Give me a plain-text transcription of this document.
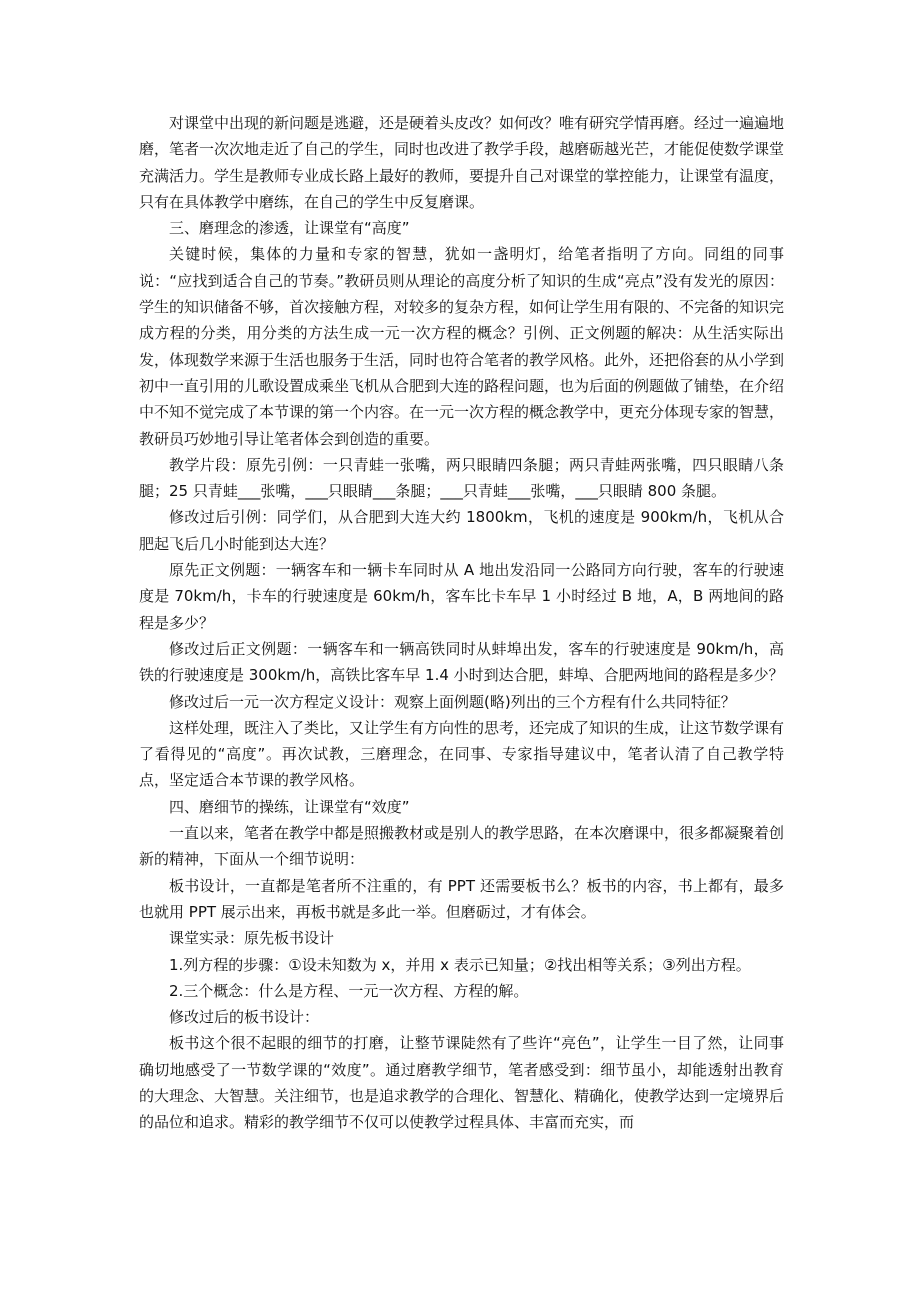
对课堂中出现的新问题是逃避，还是硬着头皮改？如何改？唯有研究学情再磨。经过一遍遍地磨，笔者一次次地走近了自己的学生，同时也改进了教学手段，越磨砺越光芒，才能促使数学课堂充满活力。学生是教师专业成长路上最好的教师，要提升自己对课堂的掌控能力，让课堂有温度，只有在具体教学中磨练，在自己的学生中反复磨课。

三、磨理念的渗透，让课堂有“高度”

关键时候，集体的力量和专家的智慧，犹如一盏明灯，给笔者指明了方向。同组的同事说：“应找到适合自己的节奏。”教研员则从理论的高度分析了知识的生成“亮点”没有发光的原因：学生的知识储备不够，首次接触方程，对较多的复杂方程，如何让学生用有限的、不完备的知识完成方程的分类，用分类的方法生成一元一次方程的概念？引例、正文例题的解决：从生活实际出发，体现数学来源于生活也服务于生活，同时也符合笔者的教学风格。此外，还把俗套的从小学到初中一直引用的儿歌设置成乘坐飞机从合肥到大连的路程问题，也为后面的例题做了铺垫，在介绍中不知不觉完成了本节课的第一个内容。在一元一次方程的概念教学中，更充分体现专家的智慧，教研员巧妙地引导让笔者体会到创造的重要。

教学片段：原先引例：一只青蛙一张嘴，两只眼睛四条腿；两只青蛙两张嘴，四只眼睛八条腿；25 只青蛙___张嘴，___只眼睛___条腿；___只青蛙___张嘴，___只眼睛 800 条腿。

修改过后引例：同学们，从合肥到大连大约 1800km，飞机的速度是 900km/h，飞机从合肥起飞后几小时能到达大连？

原先正文例题：一辆客车和一辆卡车同时从 A 地出发沿同一公路同方向行驶，客车的行驶速度是 70km/h，卡车的行驶速度是 60km/h，客车比卡车早 1 小时经过 B 地，A，B 两地间的路程是多少？

修改过后正文例题：一辆客车和一辆高铁同时从蚌埠出发，客车的行驶速度是 90km/h，高铁的行驶速度是 300km/h，高铁比客车早 1.4 小时到达合肥，蚌埠、合肥两地间的路程是多少？

修改过后一元一次方程定义设计：观察上面例题(略)列出的三个方程有什么共同特征？

这样处理，既注入了类比，又让学生有方向性的思考，还完成了知识的生成，让这节数学课有了看得见的“高度”。再次试教，三磨理念，在同事、专家指导建议中，笔者认清了自己教学特点，坚定适合本节课的教学风格。

四、磨细节的操练，让课堂有“效度”

一直以来，笔者在教学中都是照搬教材或是别人的教学思路，在本次磨课中，很多都凝聚着创新的精神，下面从一个细节说明：

板书设计，一直都是笔者所不注重的，有 PPT 还需要板书么？板书的内容，书上都有，最多也就用 PPT 展示出来，再板书就是多此一举。但磨砺过，才有体会。

课堂实录：原先板书设计

1.列方程的步骤：①设未知数为 x，并用 x 表示已知量；②找出相等关系；③列出方程。

2.三个概念：什么是方程、一元一次方程、方程的解。

修改过后的板书设计：

板书这个很不起眼的细节的打磨，让整节课陡然有了些许“亮色”，让学生一目了然，让同事确切地感受了一节数学课的“效度”。通过磨教学细节，笔者感受到：细节虽小，却能透射出教育的大理念、大智慧。关注细节，也是追求教学的合理化、智慧化、精确化，使教学达到一定境界后的品位和追求。精彩的教学细节不仅可以使教学过程具体、丰富而充实，而
